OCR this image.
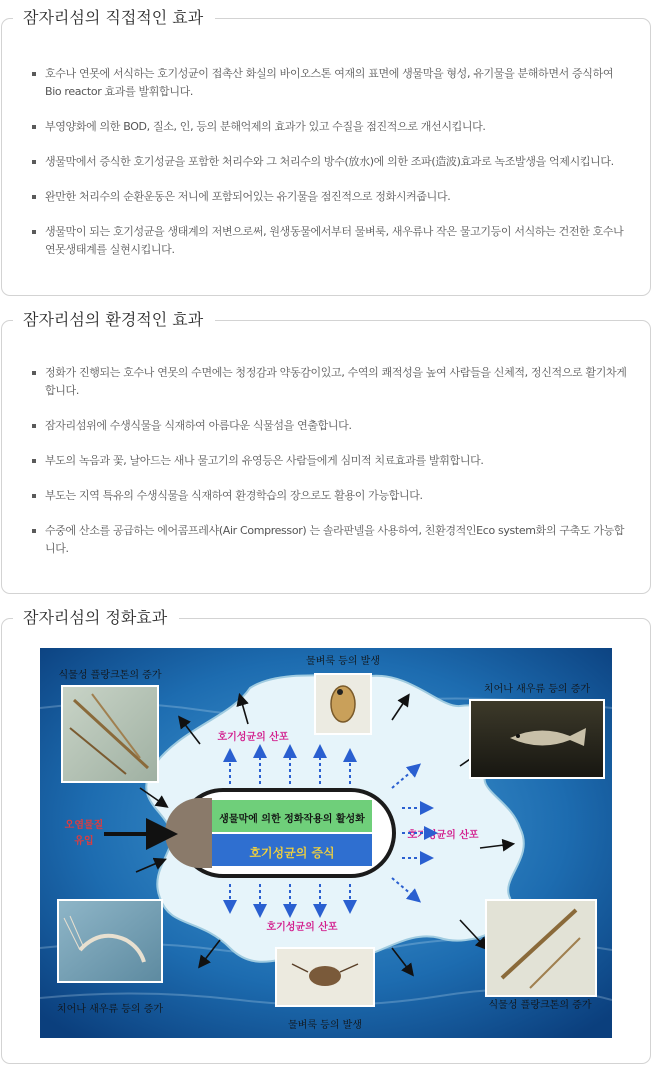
잠자리섬의 직접적인 효과
호수나 연못에 서식하는 호기성균이 접촉산 화실의 바이오스톤 여재의 표면에 생물막을 형성, 유기물을 분해하면서 증식하여 Bio reactor 효과를 발휘합니다.
부영양화에 의한 BOD, 질소, 인, 등의 분해억제의 효과가 있고 수질을 점진적으로 개선시킵니다.
생물막에서 증식한 호기성균을 포함한 처리수와 그 처리수의 방수(放水)에 의한 조파(造波)효과로 녹조발생을 억제시킵니다.
완만한 처리수의 순환운동은 저니에 포함되어있는 유기물을 점진적으로 정화시켜줍니다.
생물막이 되는 호기성균을 생태계의 저변으로써, 원생동물에서부터 물벼룩, 새우류나 작은 물고기등이 서식하는 건전한 호수나 연못생태계를 실현시킵니다.
잠자리섬의 환경적인 효과
정화가 진행되는 호수나 연못의 수면에는 청정감과 약동감이있고, 수역의 쾌적성을 높여 사람들을 신체적, 정신적으로 활기차게합니다.
잠자리섬위에 수생식물을 식재하여 아름다운 식물섬을 연출합니다.
부도의 녹음과 꽃, 날아드는 새나 물고기의 유영등은 사람들에게 심미적 치료효과를 발휘합니다.
부도는 지역 특유의 수생식물을 식재하여 환경학습의 장으로도 활용이 가능합니다.
수중에 산소를 공급하는 에어콤프레샤(Air Compressor) 는 솔라판넬을 사용하여, 친환경적인Eco system화의 구축도 가능합니다.
잠자리섬의 정화효과
생물막에 의한 정화작용의 활성화
호기성균의 증식
오염물질
유입
호기성균의 산포
호기성균의 산포
호기성균의 산포
식물성 플랑크톤의 증가
물벼룩 등의 발생
치어나 새우류 등의 증가
치어나 새우류 등의 증가
물벼룩 등의 발생
식물성 플랑크톤의 증가
